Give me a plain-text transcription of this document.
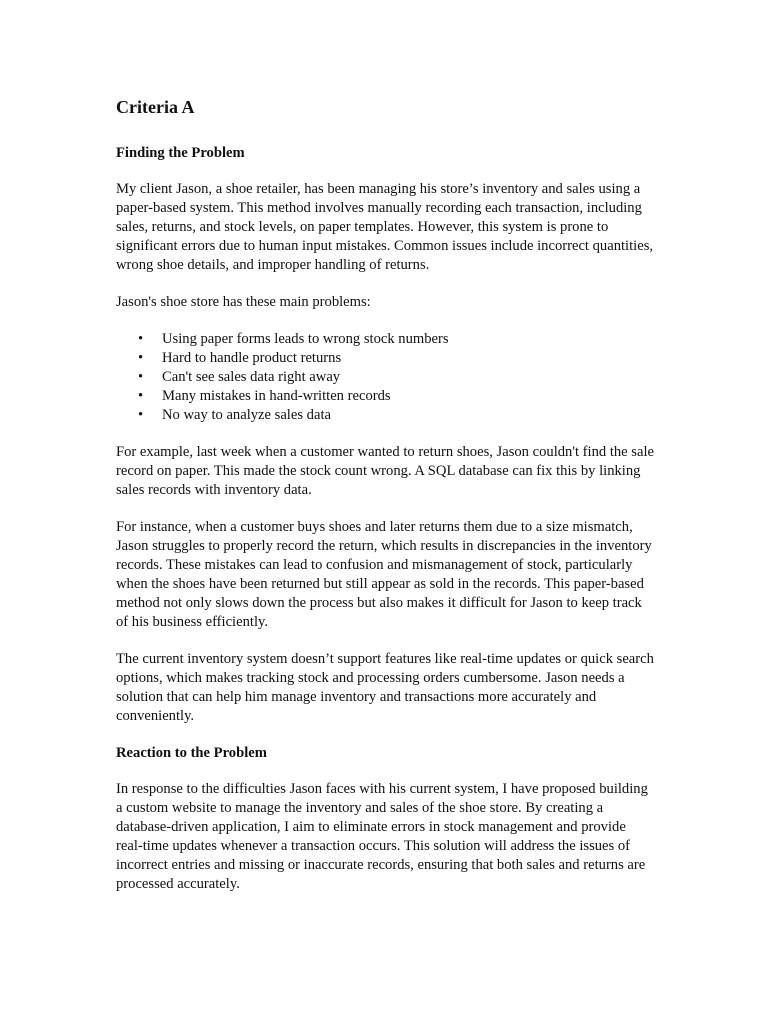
Criteria A
Finding the Problem

My client Jason, a shoe retailer, has been managing his store’s inventory and sales using a paper-based system. This method involves manually recording each transaction, including sales, returns, and stock levels, on paper templates. However, this system is prone to significant errors due to human input mistakes. Common issues include incorrect quantities, wrong shoe details, and improper handling of returns.

Jason's shoe store has these main problems:

• Using paper forms leads to wrong stock numbers
• Hard to handle product returns
• Can't see sales data right away
• Many mistakes in hand-written records
• No way to analyze sales data

For example, last week when a customer wanted to return shoes, Jason couldn't find the sale record on paper. This made the stock count wrong. A SQL database can fix this by linking sales records with inventory data.

For instance, when a customer buys shoes and later returns them due to a size mismatch, Jason struggles to properly record the return, which results in discrepancies in the inventory records. These mistakes can lead to confusion and mismanagement of stock, particularly when the shoes have been returned but still appear as sold in the records. This paper-based method not only slows down the process but also makes it difficult for Jason to keep track of his business efficiently.

The current inventory system doesn’t support features like real-time updates or quick search options, which makes tracking stock and processing orders cumbersome. Jason needs a solution that can help him manage inventory and transactions more accurately and conveniently.

Reaction to the Problem

In response to the difficulties Jason faces with his current system, I have proposed building a custom website to manage the inventory and sales of the shoe store. By creating a database-driven application, I aim to eliminate errors in stock management and provide real-time updates whenever a transaction occurs. This solution will address the issues of incorrect entries and missing or inaccurate records, ensuring that both sales and returns are processed accurately.
